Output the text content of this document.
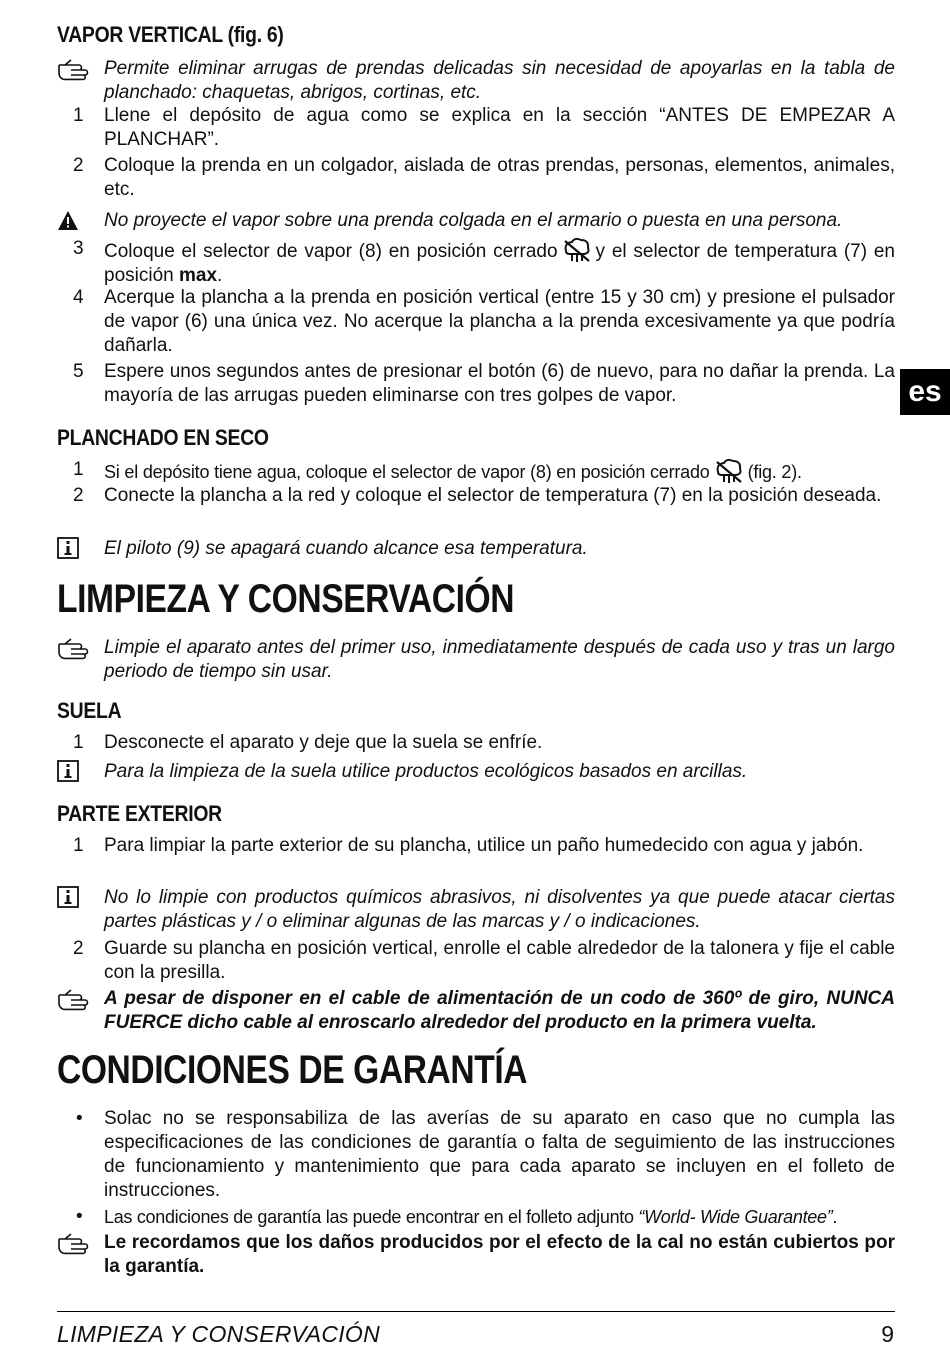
VAPOR VERTICAL (fig. 6)
Permite eliminar arrugas de prendas delicadas sin necesidad de apoyarlas en la tabla de planchado: chaquetas, abrigos, cortinas, etc.
1 Llene el depósito de agua como se explica en la sección “ANTES DE EMPEZAR A PLANCHAR”.
2 Coloque la prenda en un colgador, aislada de otras prendas, personas, elementos, animales, etc.
No proyecte el vapor sobre una prenda colgada en el armario o puesta en una persona.
3 Coloque el selector de vapor (8) en posición cerrado y el selector de temperatura (7) en posición max.
4 Acerque la plancha a la prenda en posición vertical (entre 15 y 30 cm) y presione el pulsador de vapor (6) una única vez. No acerque la plancha a la prenda excesivamente ya que podría dañarla.
5 Espere unos segundos antes de presionar el botón (6) de nuevo, para no dañar la prenda. La mayoría de las arrugas pueden eliminarse con tres golpes de vapor.
PLANCHADO EN SECO
1 Si el depósito tiene agua, coloque el selector de vapor (8) en posición cerrado (fig. 2).
2 Conecte la plancha a la red y coloque el selector de temperatura (7) en la posición deseada.
El piloto (9) se apagará cuando alcance esa temperatura.
LIMPIEZA Y CONSERVACIÓN
Limpie el aparato antes del primer uso, inmediatamente después de cada uso y tras un largo periodo de tiempo sin usar.
SUELA
1 Desconecte el aparato y deje que la suela se enfríe.
Para la limpieza de la suela utilice productos ecológicos basados en arcillas.
PARTE EXTERIOR
1 Para limpiar la parte exterior de su plancha, utilice un paño humedecido con agua y jabón.
No lo limpie con productos químicos abrasivos, ni disolventes ya que puede atacar ciertas partes plásticas y / o eliminar algunas de las marcas y / o indicaciones.
2 Guarde su plancha en posición vertical, enrolle el cable alrededor de la talonera y fije el cable con la presilla.
A pesar de disponer en el cable de alimentación de un codo de 360º de giro, NUNCA FUERCE dicho cable al enroscarlo alrededor del producto en la primera vuelta.
CONDICIONES DE GARANTÍA
• Solac no se responsabiliza de las averías de su aparato en caso que no cumpla las especificaciones de las condiciones de garantía o falta de seguimiento de las instrucciones de funcionamiento y mantenimiento que para cada aparato se incluyen en el folleto de instrucciones.
• Las condiciones de garantía las puede encontrar en el folleto adjunto “World- Wide Guarantee”.
Le recordamos que los daños producidos por el efecto de la cal no están cubiertos por la garantía.
es
LIMPIEZA Y CONSERVACIÓN	9
